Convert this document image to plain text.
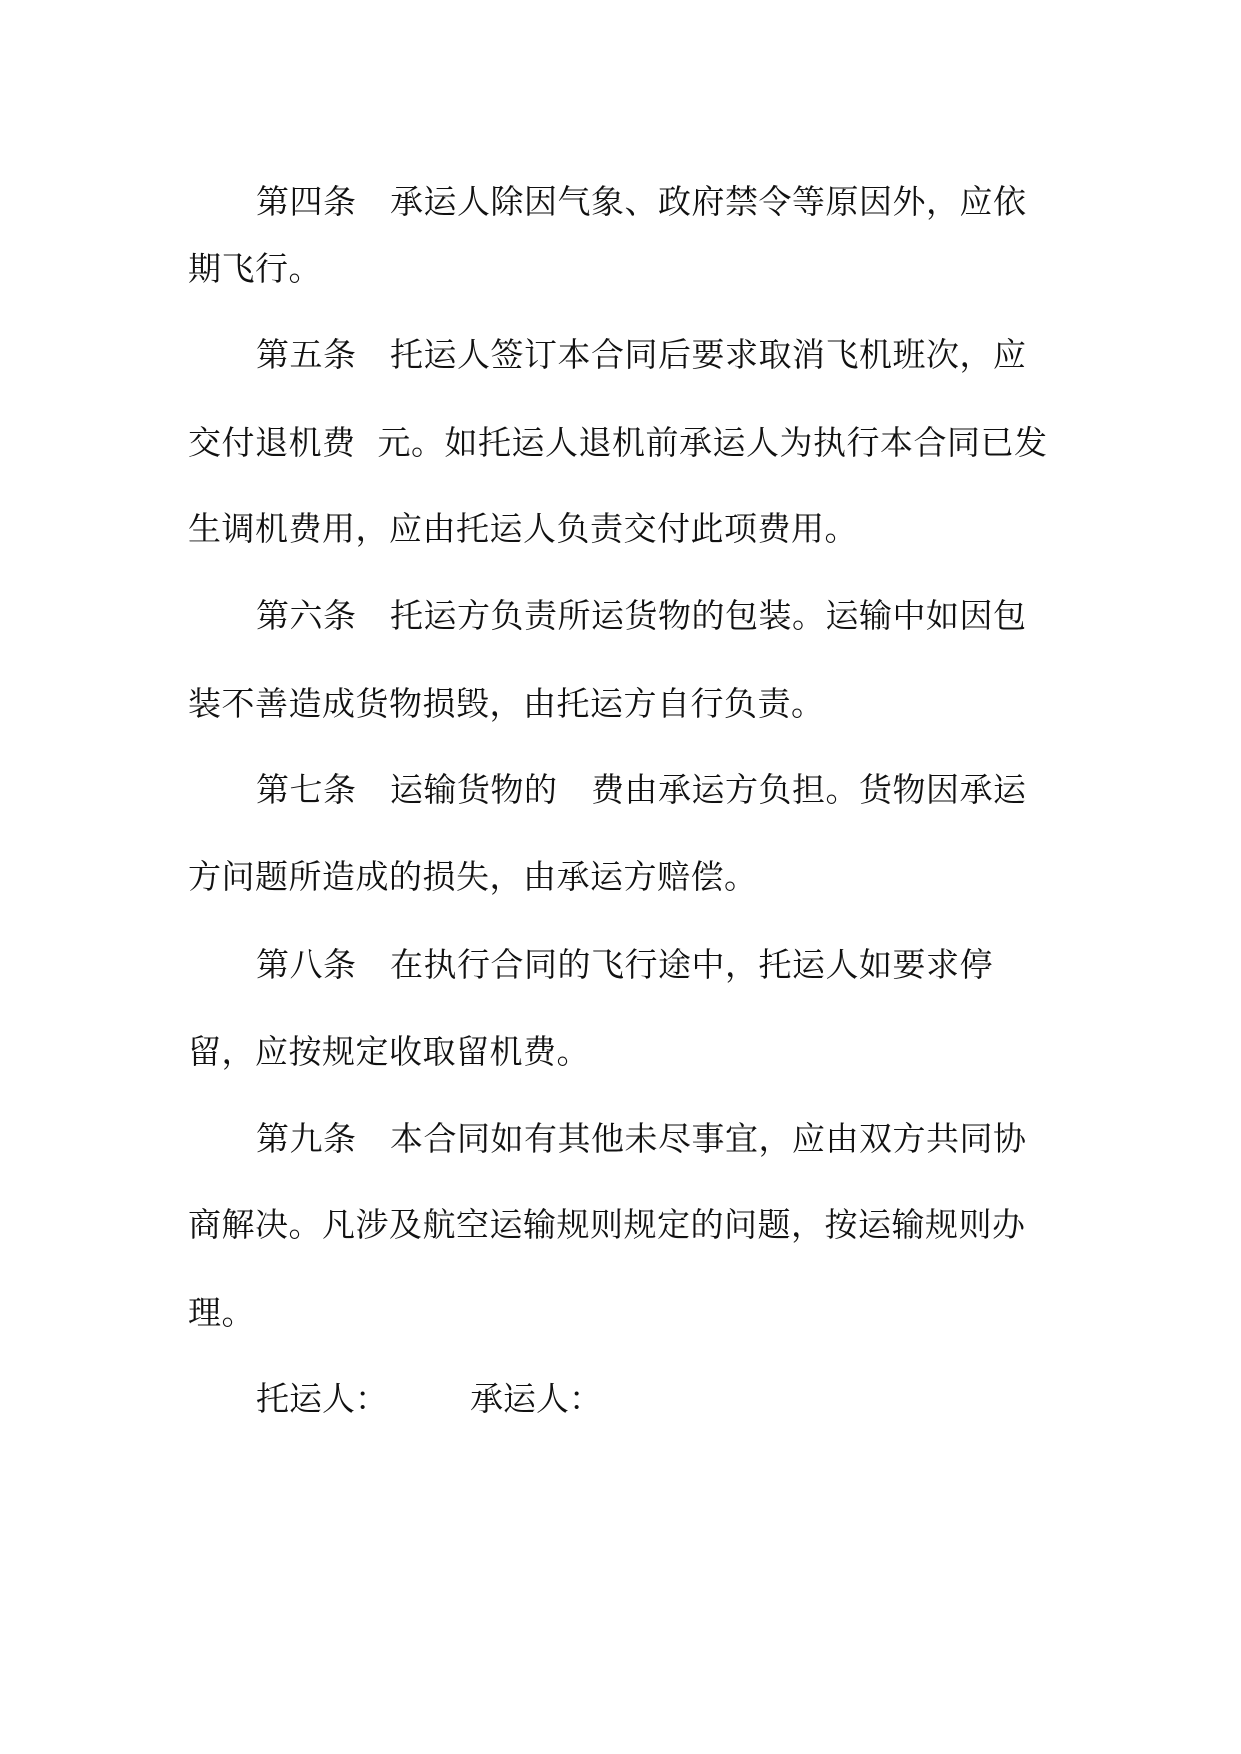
第四条　承运人除因气象、政府禁令等原因外，应依
期飞行。
第五条　托运人签订本合同后要求取消飞机班次，应
交付退机费  元。如托运人退机前承运人为执行本合同已发
生调机费用，应由托运人负责交付此项费用。
第六条　托运方负责所运货物的包装。运输中如因包
装不善造成货物损毁，由托运方自行负责。
第七条　运输货物的　费由承运方负担。货物因承运
方问题所造成的损失，由承运方赔偿。
第八条　在执行合同的飞行途中，托运人如要求停
留，应按规定收取留机费。
第九条　本合同如有其他未尽事宜，应由双方共同协
商解决。凡涉及航空运输规则规定的问题，按运输规则办
理。
托运人： 承运人：
